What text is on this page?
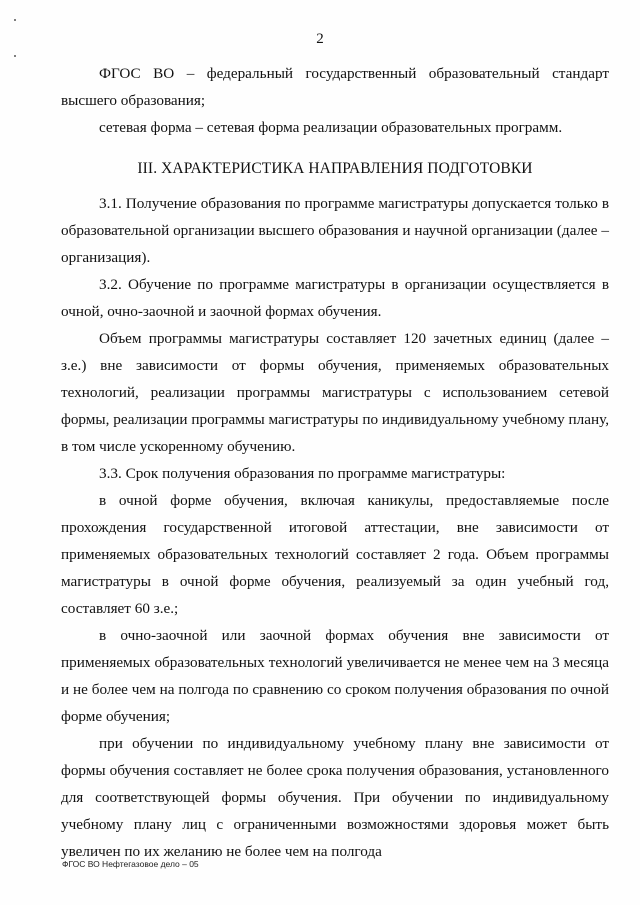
2

ФГОС ВО – федеральный государственный образовательный стандарт высшего образования;

сетевая форма – сетевая форма реализации образовательных программ.

III. ХАРАКТЕРИСТИКА НАПРАВЛЕНИЯ ПОДГОТОВКИ

3.1. Получение образования по программе магистратуры допускается только в образовательной организации высшего образования и научной организации (далее – организация).

3.2. Обучение по программе магистратуры в организации осуществляется в очной, очно-заочной и заочной формах обучения.

Объем программы магистратуры составляет 120 зачетных единиц (далее – з.е.) вне зависимости от формы обучения, применяемых образовательных технологий, реализации программы магистратуры с использованием сетевой формы, реализации программы магистратуры по индивидуальному учебному плану, в том числе ускоренному обучению.

3.3. Срок получения образования по программе магистратуры:

в очной форме обучения, включая каникулы, предоставляемые после прохождения государственной итоговой аттестации, вне зависимости от применяемых образовательных технологий составляет 2 года. Объем программы магистратуры в очной форме обучения, реализуемый за один учебный год, составляет 60 з.е.;

в очно-заочной или заочной формах обучения вне зависимости от применяемых образовательных технологий увеличивается не менее чем на 3 месяца и не более чем на полгода по сравнению со сроком получения образования по очной форме обучения;

при обучении по индивидуальному учебному плану вне зависимости от формы обучения составляет не более срока получения образования, установленного для соответствующей формы обучения. При обучении по индивидуальному учебному плану лиц с ограниченными возможностями здоровья может быть увеличен по их желанию не более чем на полгода

ФГОС ВО Нефтегазовое дело – 05
